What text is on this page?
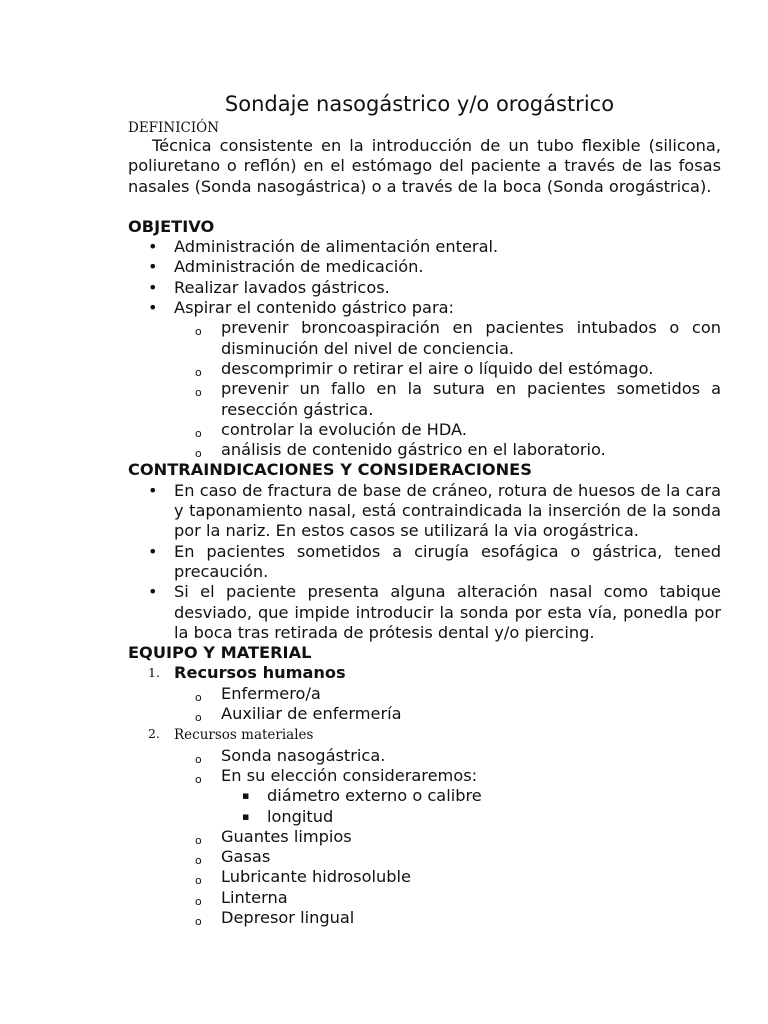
Sondaje nasogástrico y/o orogástrico

DEFINICIÓN

Técnica consistente en la introducción de un tubo flexible (silicona, poliuretano o reflón) en el estómago del paciente a través de las fosas nasales (Sonda nasogástrica) o a través de la boca (Sonda orogástrica).

OBJETIVO

•	Administración de alimentación enteral.
•	Administración de medicación.
•	Realizar lavados gástricos.
•	Aspirar el contenido gástrico para:
o prevenir broncoaspiración en pacientes intubados o con disminución del nivel de conciencia.
o descomprimir o retirar el aire o líquido del estómago.
o prevenir un fallo en la sutura en pacientes sometidos a resección gástrica.
o controlar la evolución de HDA.
o análisis de contenido gástrico en el laboratorio.

CONTRAINDICACIONES Y CONSIDERACIONES

•	En caso de fractura de base de cráneo, rotura de huesos de la cara y taponamiento nasal, está contraindicada la inserción de la sonda por la nariz. En estos casos se utilizará la via orogástrica.
•	En pacientes sometidos a cirugía esofágica o gástrica, tened precaución.
•	Si el paciente presenta alguna alteración nasal como tabique desviado, que impide introducir la sonda por esta vía, ponedla por la boca tras retirada de prótesis dental y/o piercing.

EQUIPO Y MATERIAL

1. Recursos humanos
o Enfermero/a
o Auxiliar de enfermería
2.	Recursos materiales
o Sonda nasogástrica.
o En su elección consideraremos:
▪ diámetro externo o calibre
▪ longitud
o Guantes limpios
o Gasas
o Lubricante hidrosoluble
o Linterna
o Depresor lingual
